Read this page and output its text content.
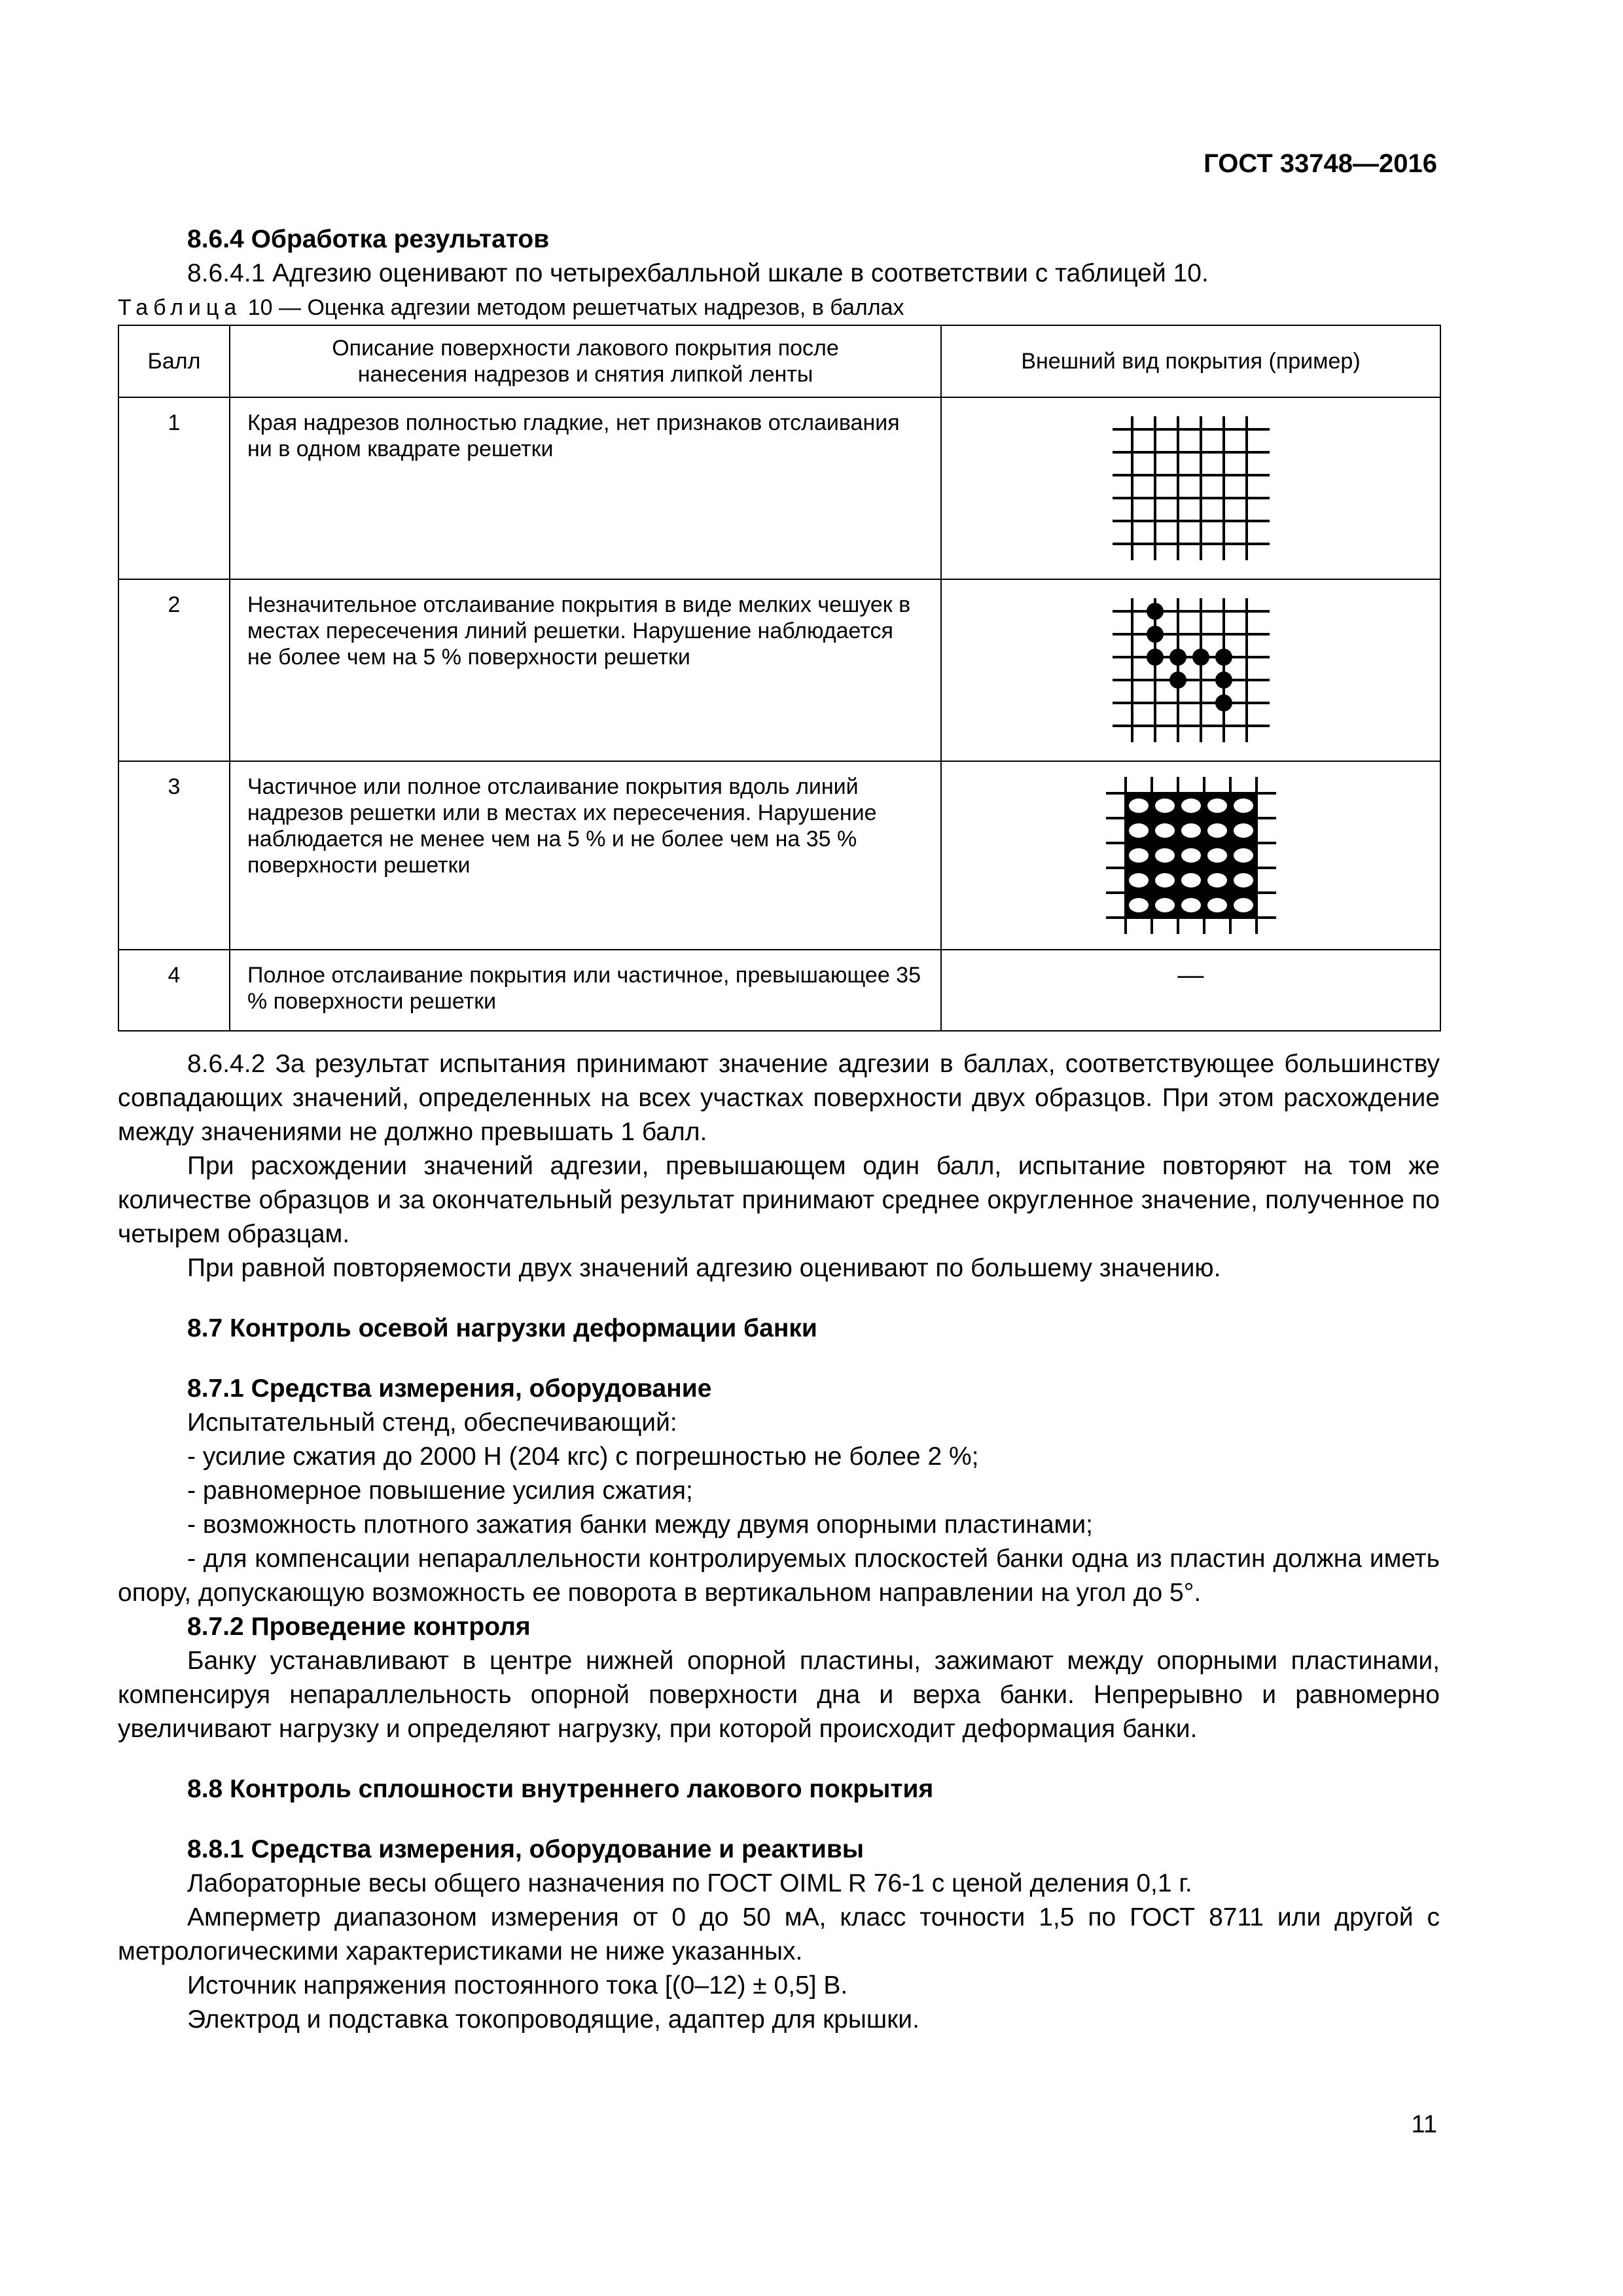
ГОСТ 33748—2016

8.6.4 Обработка результатов

8.6.4.1 Адгезию оценивают по четырехбалльной шкале в соответствии с таблицей 10.

Таблица 10 — Оценка адгезии методом решетчатых надрезов, в баллах

Балл	Описание поверхности лакового покрытия после нанесения надрезов и снятия липкой ленты	Внешний вид покрытия (пример)
1	Края надрезов полностью гладкие, нет признаков отслаивания ни в одном квадрате решетки	

2	Незначительное отслаивание покрытия в виде мелких чешуек в местах пересечения линий решетки. Нарушение наблюдается не более чем на 5 % поверхности решетки	

3	Частичное или полное отслаивание покрытия вдоль линий надрезов решетки или в местах их пересечения. Нарушение наблюдается не менее чем на 5 % и не более чем на 35 % поверхности решетки	

4	Полное отслаивание покрытия или частичное, превышающее 35 % поверхности решетки	—

8.6.4.2 За результат испытания принимают значение адгезии в баллах, соответствующее большинству совпадающих значений, определенных на всех участках поверхности двух образцов. При этом расхождение между значениями не должно превышать 1 балл.

При расхождении значений адгезии, превышающем один балл, испытание повторяют на том же количестве образцов и за окончательный результат принимают среднее округленное значение, полученное по четырем образцам.

При равной повторяемости двух значений адгезию оценивают по большему значению.

8.7 Контроль осевой нагрузки деформации банки

8.7.1 Средства измерения, оборудование

Испытательный стенд, обеспечивающий:

- усилие сжатия до 2000 Н (204 кгс) с погрешностью не более 2 %;

- равномерное повышение усилия сжатия;

- возможность плотного зажатия банки между двумя опорными пластинами;

- для компенсации непараллельности контролируемых плоскостей банки одна из пластин должна иметь опору, допускающую возможность ее поворота в вертикальном направлении на угол до 5°.

8.7.2 Проведение контроля

Банку устанавливают в центре нижней опорной пластины, зажимают между опорными пластинами, компенсируя непараллельность опорной поверхности дна и верха банки. Непрерывно и равномерно увеличивают нагрузку и определяют нагрузку, при которой происходит деформация банки.

8.8 Контроль сплошности внутреннего лакового покрытия

8.8.1 Средства измерения, оборудование и реактивы

Лабораторные весы общего назначения по ГОСТ OIML R 76-1 с ценой деления 0,1 г.

Амперметр диапазоном измерения от 0 до 50 мА, класс точности 1,5 по ГОСТ 8711 или другой с метрологическими характеристиками не ниже указанных.

Источник напряжения постоянного тока [(0–12) ± 0,5] В.

Электрод и подставка токопроводящие, адаптер для крышки.

11
